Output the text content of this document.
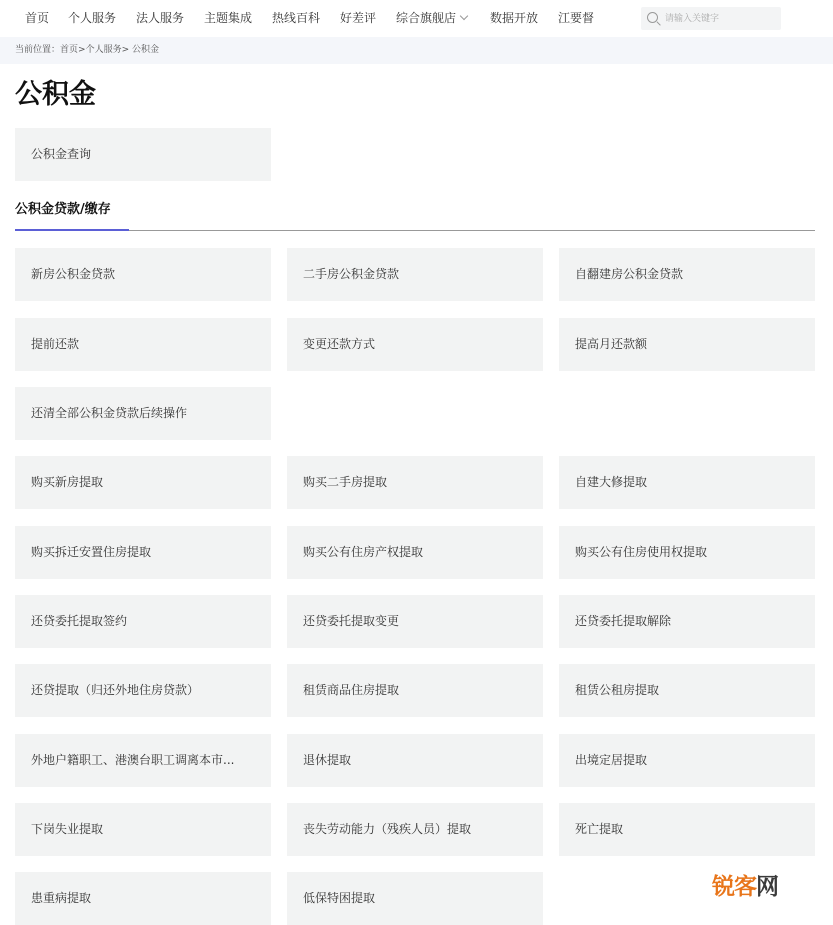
首页 个人服务 法人服务 主题集成 热线百科 好差评 综合旗舰店	数据开放 江要督
请输入关键字
当前位置：首页>个人服务> 公积金
公积金
公积金查询
公积金贷款/缴存
新房公积金贷款	二手房公积金贷款	自翻建房公积金贷款
提前还款	变更还款方式	提高月还款额
还清全部公积金贷款后续操作
购买新房提取	购买二手房提取	自建大修提取
购买拆迁安置住房提取	购买公有住房产权提取	购买公有住房使用权提取
还贷委托提取签约	还贷委托提取变更	还贷委托提取解除
还贷提取（归还外地住房贷款）	租赁商品住房提取	租赁公租房提取
外地户籍职工、港澳台职工调离本市...	退休提取	出境定居提取
下岗失业提取	丧失劳动能力（残疾人员）提取	死亡提取
患重病提取	低保特困提取	锐客网
